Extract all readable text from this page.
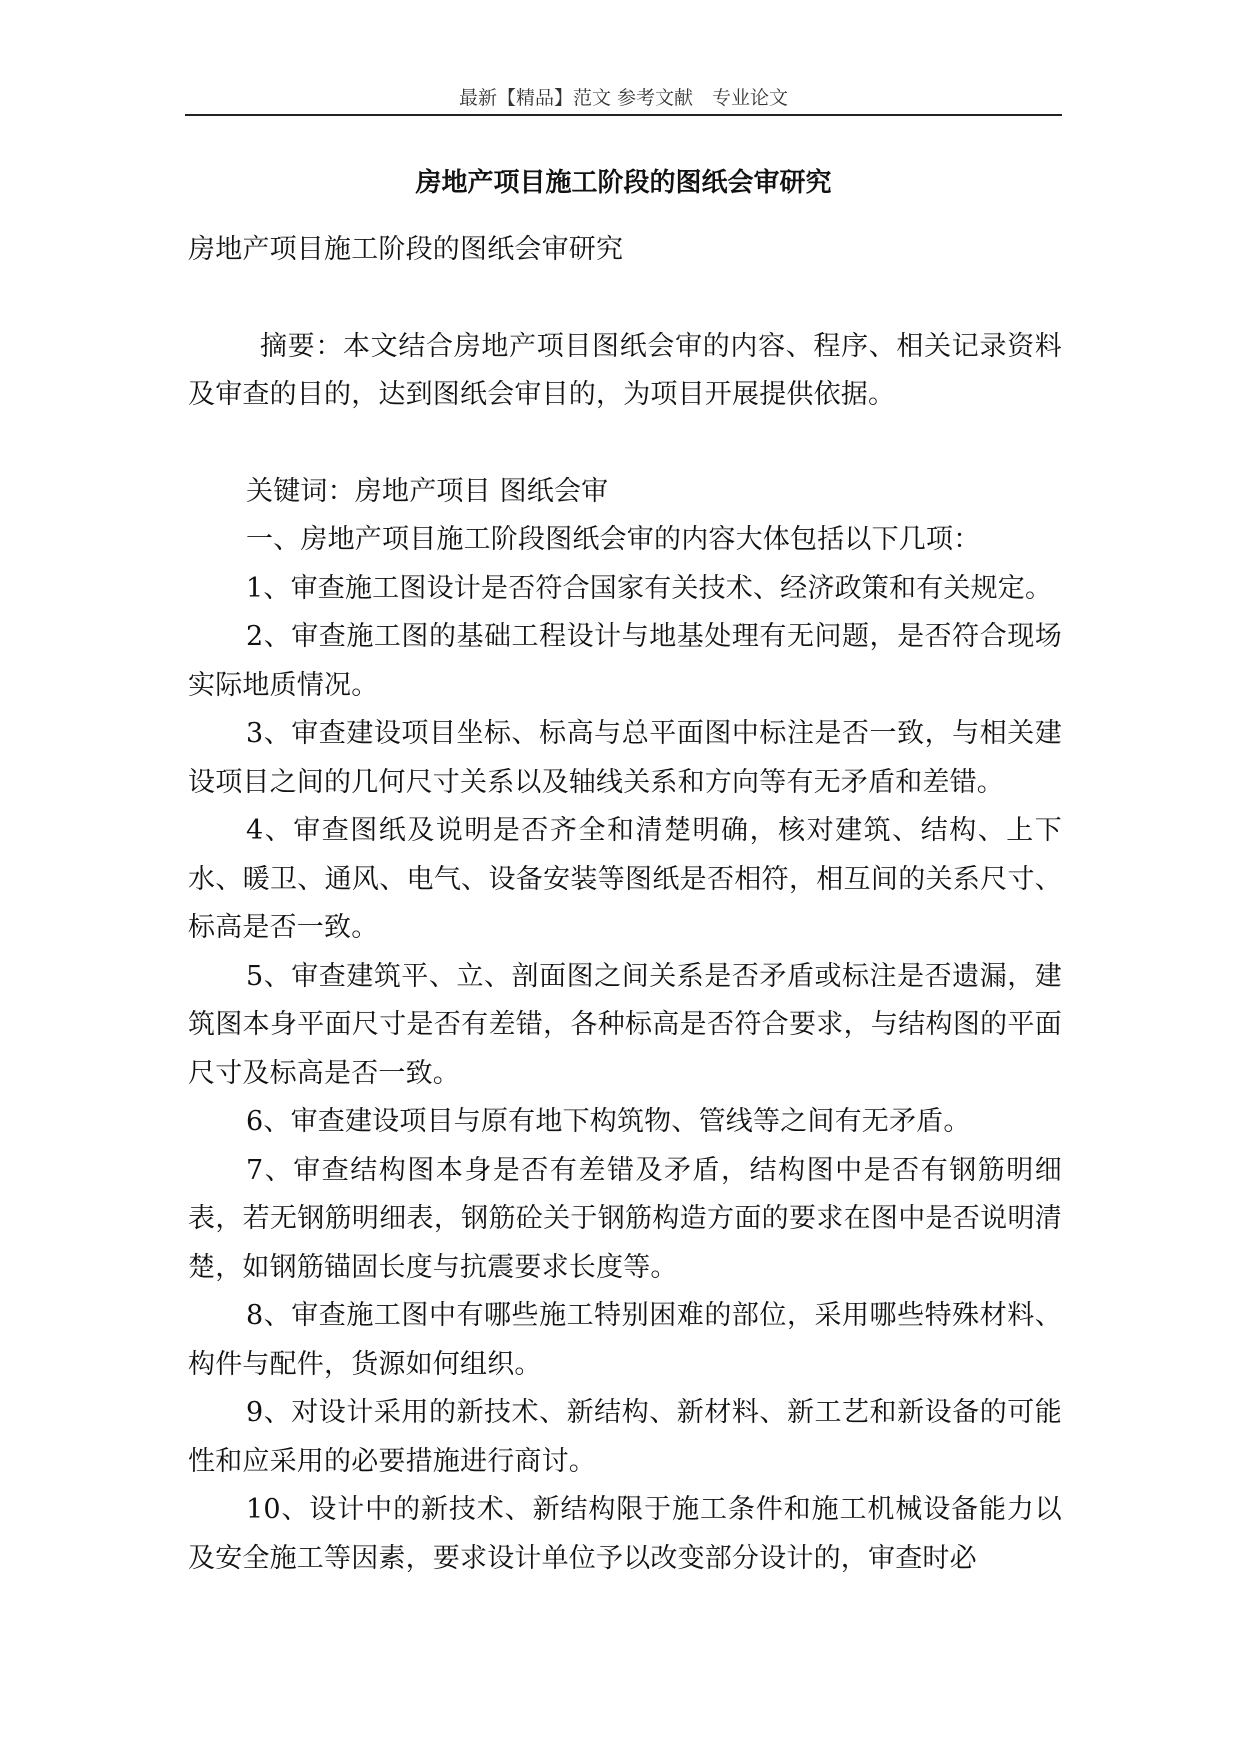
最新【精品】范文 参考文献　专业论文
房地产项目施工阶段的图纸会审研究

房地产项目施工阶段的图纸会审研究

摘要：本文结合房地产项目图纸会审的内容、程序、相关记录资料及审查的目的，达到图纸会审目的，为项目开展提供依据。

关键词：房地产项目 图纸会审

一、房地产项目施工阶段图纸会审的内容大体包括以下几项：

1、审查施工图设计是否符合国家有关技术、经济政策和有关规定。

2、审查施工图的基础工程设计与地基处理有无问题，是否符合现场实际地质情况。

3、审查建设项目坐标、标高与总平面图中标注是否一致，与相关建设项目之间的几何尺寸关系以及轴线关系和方向等有无矛盾和差错。

4、审查图纸及说明是否齐全和清楚明确，核对建筑、结构、上下水、暖卫、通风、电气、设备安装等图纸是否相符，相互间的关系尺寸、标高是否一致。

5、审查建筑平、立、剖面图之间关系是否矛盾或标注是否遗漏，建筑图本身平面尺寸是否有差错，各种标高是否符合要求，与结构图的平面尺寸及标高是否一致。

6、审查建设项目与原有地下构筑物、管线等之间有无矛盾。

7、审查结构图本身是否有差错及矛盾，结构图中是否有钢筋明细表，若无钢筋明细表，钢筋砼关于钢筋构造方面的要求在图中是否说明清楚，如钢筋锚固长度与抗震要求长度等。

8、审查施工图中有哪些施工特别困难的部位，采用哪些特殊材料、构件与配件，货源如何组织。

9、对设计采用的新技术、新结构、新材料、新工艺和新设备的可能性和应采用的必要措施进行商讨。

10、设计中的新技术、新结构限于施工条件和施工机械设备能力以及安全施工等因素，要求设计单位予以改变部分设计的，审查时必
